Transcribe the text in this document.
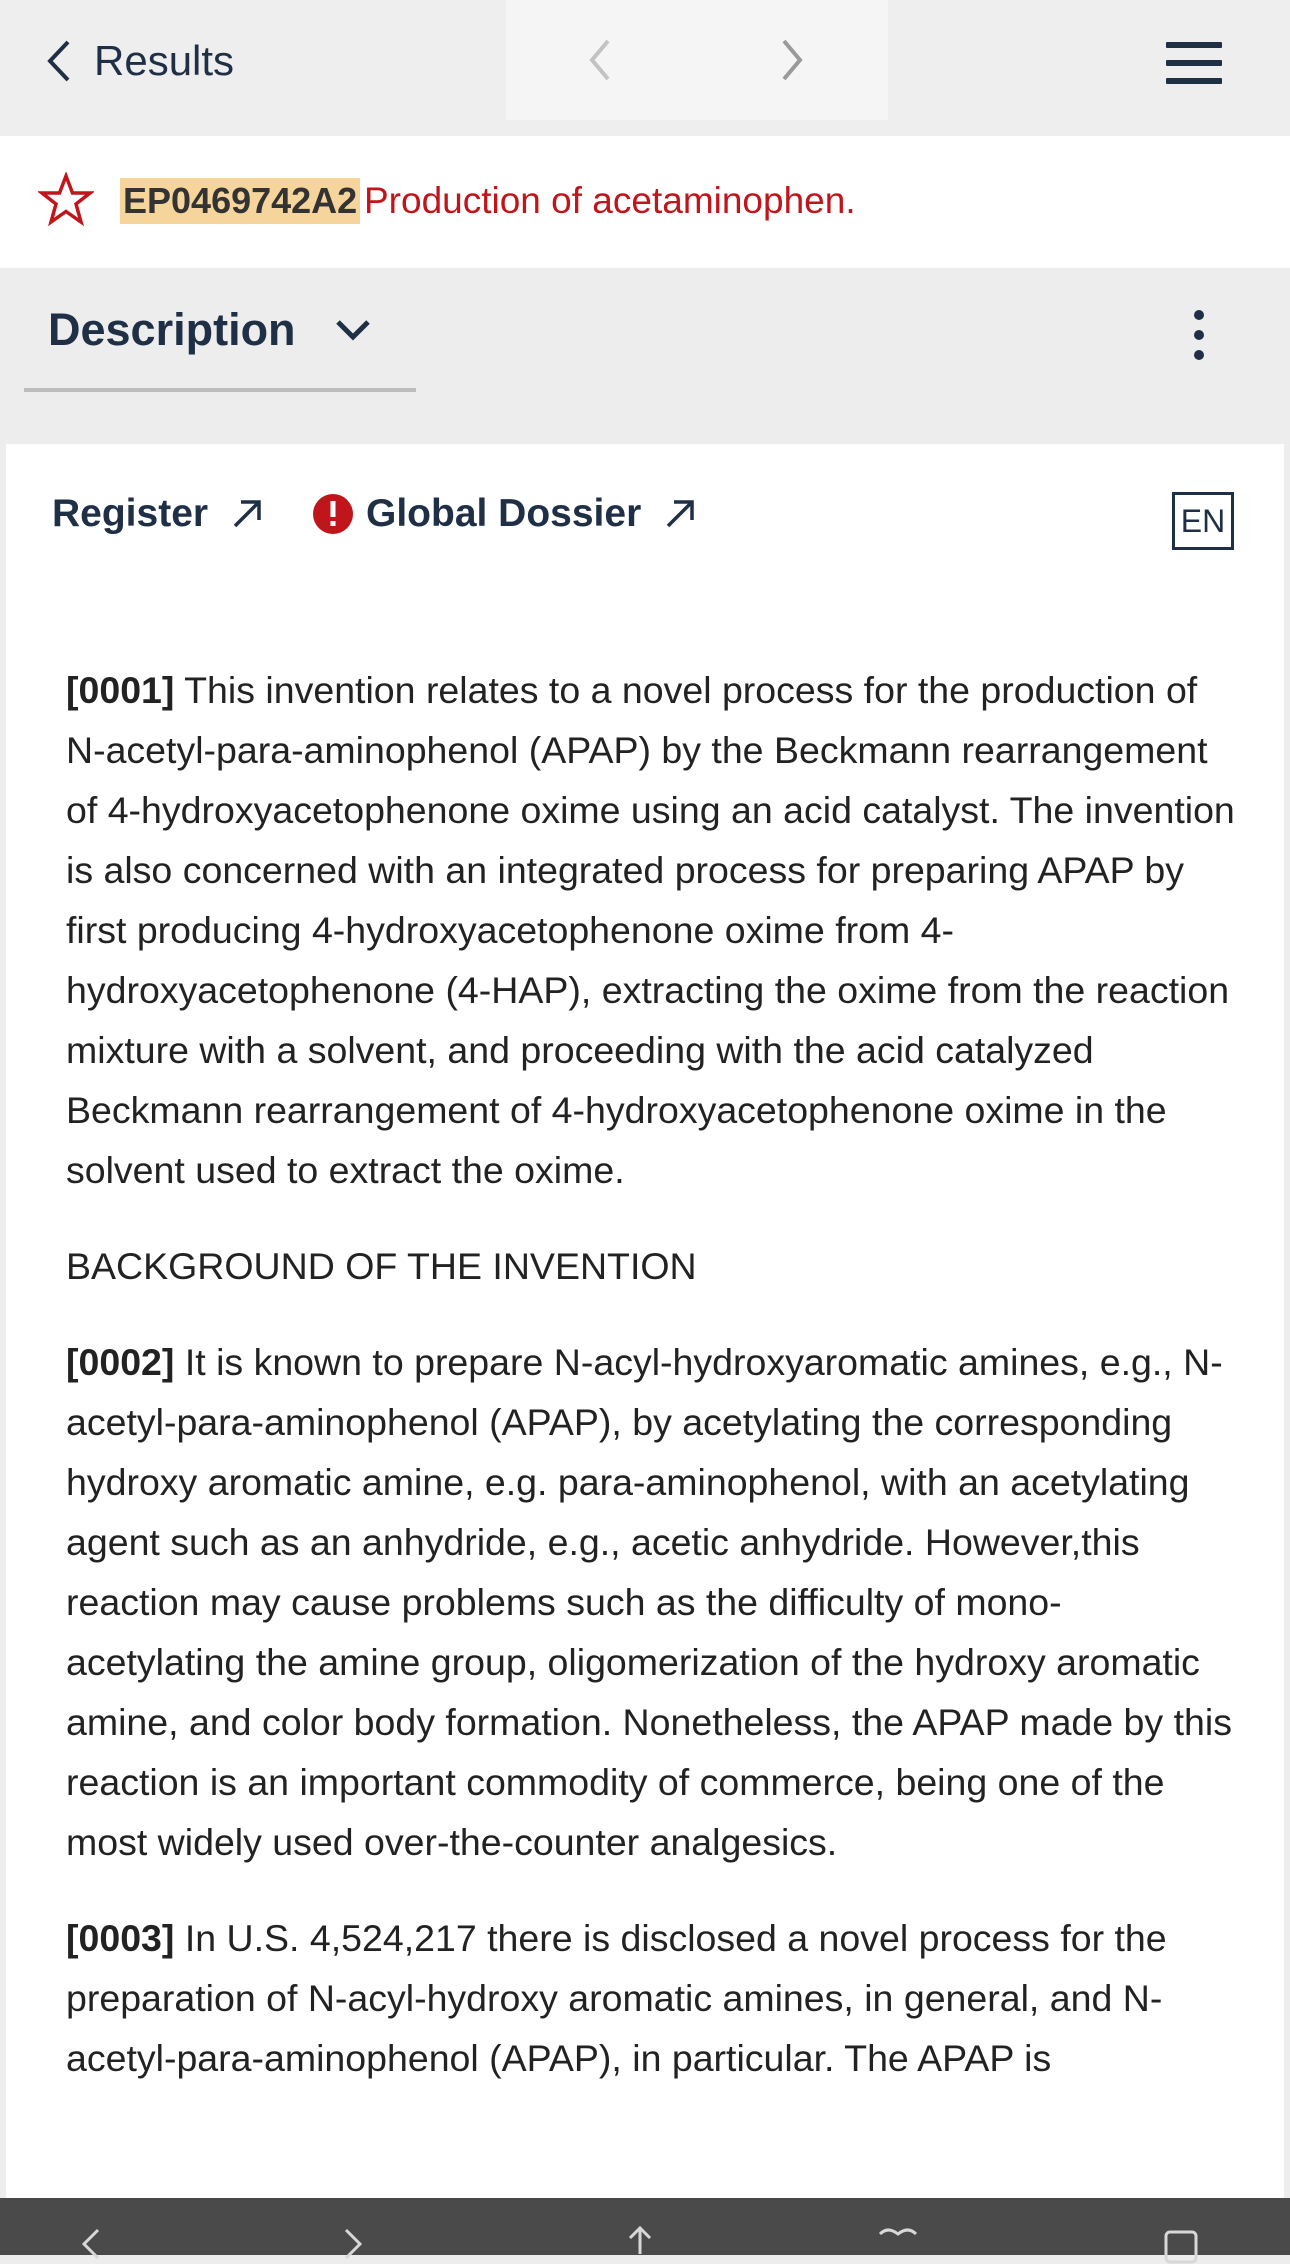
Results
EP0469742A2 Production of acetaminophen.
Description
Register	Global Dossier	EN

[0001] This invention relates to a novel process for the production of N-acetyl-para-aminophenol (APAP) by the Beckmann rearrangement of 4-hydroxyacetophenone oxime using an acid catalyst. The invention is also concerned with an integrated process for preparing APAP by first producing 4-hydroxyacetophenone oxime from 4-hydroxyacetophenone (4-HAP), extracting the oxime from the reaction mixture with a solvent, and proceeding with the acid catalyzed Beckmann rearrangement of 4-hydroxyacetophenone oxime in the solvent used to extract the oxime.

BACKGROUND OF THE INVENTION

[0002] It is known to prepare N-acyl-hydroxyaromatic amines, e.g., N-acetyl-para-aminophenol (APAP), by acetylating the corresponding hydroxy aromatic amine, e.g. para-aminophenol, with an acetylating agent such as an anhydride, e.g., acetic anhydride. However,this reaction may cause problems such as the difficulty of mono-acetylating the amine group, oligomerization of the hydroxy aromatic amine, and color body formation. Nonetheless, the APAP made by this reaction is an important commodity of commerce, being one of the most widely used over-the-counter analgesics.

[0003] In U.S. 4,524,217 there is disclosed a novel process for the preparation of N-acyl-hydroxy aromatic amines, in general, and N-acetyl-para-aminophenol (APAP), in particular. The APAP is
